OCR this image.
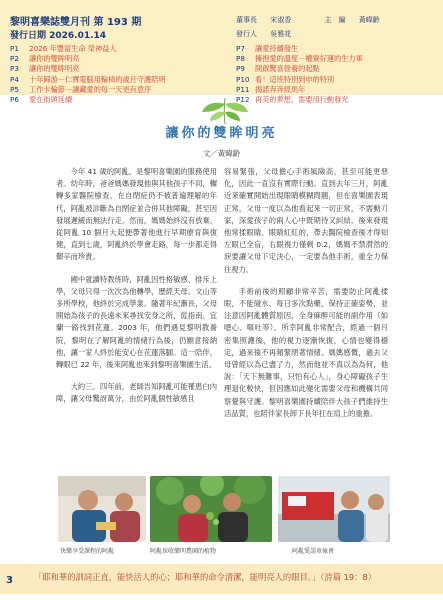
黎明喜樂誌雙月刊 第 193 期
發行日期 2026.01.14
董事長 宋淑香	主　編 黃暐齡
發行人 吳雅花
P1 2026 年豐富生命 榮神益人
P2 讓你的雙眸明亮
P3 讓你的雙眸明亮
P4 十年歸游－仁寶電腦用輪椅的歲月守護陪明
P5 工作卡輪節－讓藏愛的每一天更有意序
P6 愛在街頭延續
P7 讓愛持續發生
P8 擁抱愛的溫度－權寮好運的生力軍
P9 開啟驚喜營養的起點
P10 看！這班特別到申的特別
P11 揭諾奔奔經馬年
P12 再美的夢想，需要用行動發光
讓你的雙眸明亮
文／黃暐齡

今年 41 歲的阿亂，是黎明喜樂園的服務使用者。幼年時，爸爸媽媽發現他與其他孩子不同，輾轉多家醫院檢查，在自閉症仍不被普遍理解的年代，阿亂被診斷為自閉症並合併其他障礙，甚至因發展遲緩而無法行走。然而，媽媽始終沒有放棄，從阿亂 10 個月大起便帶著他進行早期療育與復健，直到七歲，阿亂終於學會走路，每一步都走得艱辛而珍貴。

國中就讀特教班時，阿亂因性格敏感、排斥上學，父母只得一次次為他轉學，歷經天母、文山等多所學校，他終於完成學業。隨著年紀漸長，父母開始為孩子的長遠未來尋找安身之所，從指南、宜蘭一路找到花蓮。2003 年，他們遇見黎明教養院，黎明在了解阿亂的情緒行為後，仍願意接納他，讓一家人終於能安心在花蓮落腳。這一陪伴，轉眼已 22 年，後來阿亂也來到黎明喜樂園生活。

大約三、四年前，老師告知阿亂可能罹患白內障，讓父母驚訝萬分，由於阿亂個性敏感且

容易緊張，父母擔心手術風險高，甚至可能更惡化，因此一直沒有實際行動。直到去年三月，阿亂近來確實開始出現眼睛模糊問題，但在喜樂園表現正常，父母一度以為他看起來一切正常，不需動刀家，深愛孩子的兩人心中既期待又糾結。後來發現他常揉眼睛、眼睛紅紅的，帶去醫院檢查後才得知左眼已全盲，右眼視力僅剩 0.2，媽媽不禁潸然的淚要讓父母下定決心，一定要為他手術，重全力保住視力。

手術前後的照顧非常辛苦，需要防止阿亂揉眼，不能碰水、每日多次點藥，保持正確姿勢，並注意因阿亂體質原因，全身麻醉可能的副作用（如噁心、嘔吐等）。所幸阿亂非常配合，經過一個月密集照護後，他的視力逐漸恢復，心情也變得穩定，過來後不再頻緊閉著情緒。媽媽感慨，過去父母曾經以為已盡了力，然而他並不真以為為何，他說：「天下無難事，只怕有心人」，身心障礙孩子生理退化較快，但因應如此變化需要父母和機構共同察覺與守護。黎明喜樂園持續陪伴大孩子們維持生活品質，也陪伴家長卸下長年扛在肩上的重擔。

快樂享受課程的阿亂	阿亂採收樂明農園的植物	阿亂愛誤車後會
「耶和華的訓詞正直，能快活人的心；耶和華的命令清潔，能明亮人的眼目。」（詩篇 19：8）
3
